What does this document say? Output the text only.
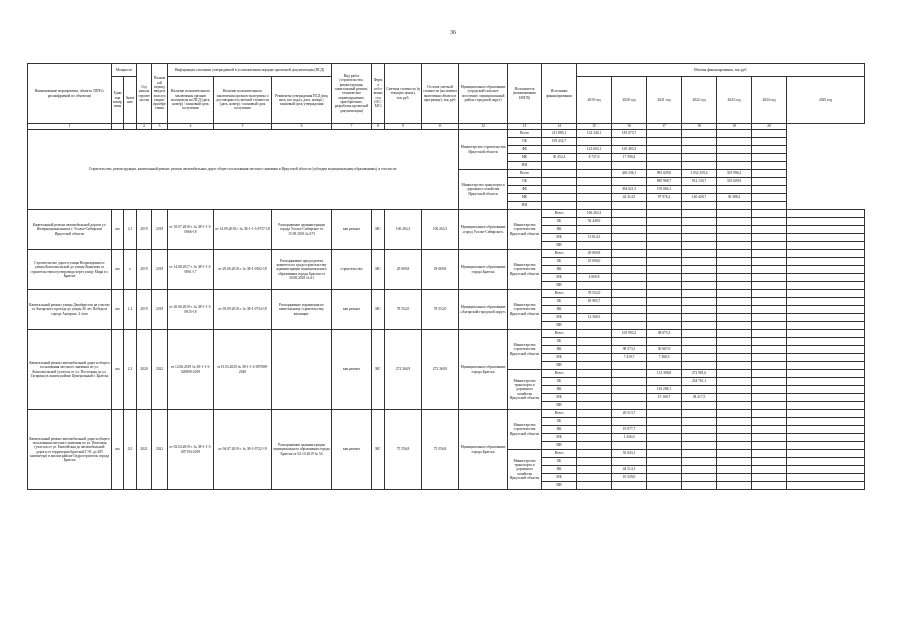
36
Наименование мероприятия, объекта, ППР (с расшифровкой по объектам)	Мощность		Год начала строительства	Плановый период ввода в эксплуатацию/приобретения	Информация о наличии утвержденной в установленном порядке проектной документации (ПСД)			Вид работ (строительство, реконструкция, капитальный ремонт, техническое перевооружение, приобретение, разработка проектной документации)	Форма собственности (ОС/МС)	Сметная стоимость (в текущих ценах), тыс.руб.	Остаток сметной стоимости (на момент включения объекта в программу), тыс.руб.	Муниципальное образование (городской/сельское поселение, муниципальный район, городской округ)	Исполнитель (наименование ИОГВ)	Источники финансирования	Объемы финансирования, тыс.руб.						
	Единица измерения	Значение			Наличие положительного заключения органов экспертизы на ПСД (дата, номер) / плановый срок получения	Наличие положительного заключения органов экспертизы о достоверности сметной стоимости (дата, номер) / плановый срок получения	Реквизиты утверждения ПСД (вид акта, кто издал, дата, номер) / плановый срок утверждения								2019 год	2020 год	2021 год	2022 год	2023 год	2024 год	2025 год
1			2	3	4	5	6	7	8	9	11	12	13	14	15	16	17	18	19	20	
Строительство, реконструкция, капитальный ремонт, ремонт автомобильных дорог общего пользования местного значения в Иркутской области (субсидии муниципальным образованиям), в том числе:												Министерство строительства Иркутской области	Всего	213 885,1	132 340,1	183 073,7					
													ОБ	183 432,7							
													ФБ		123 603,1	165 483,3					
													МБ	30 452,4	8 737,0	17 590,4					
													НИ								
												Министерство транспорта и дорожного хозяйства Иркутской области	Всего			436 336,1	981 029,0	1 052 359,4	355 996,2		
													ОБ				885 968,7	912 130,7	335 609,9		
													ФБ			394 021,5	195 084,1				
													МБ			42 314,5	97 976,2	140 428,7	30 388,2		
													НИ								
Капитальный ремонт автомобильной дороги ул. Интернациональная в г. Усолье-Сибирское Иркутской области	км	3,1	2019	2019	от 18.07.2018 г. № 38-1-1-3-0066-18	от 14.09.2018 г. № 38-1-1-3-0737-18	Распоряжение администрации города Усолье-Сибирское от 15.09.2018 № 673	кап.ремонт	МС	106 263,3	106 263,3	Муниципальное образование «город Усолье-Сибирское»	Министерство строительства Иркутской области	Всего	106 263,3						
														ОБ	92 449,0						
														ФБ							
														МБ	13 814,3						
														НИ							
Строительство дороги улицы Возрождения от улицы Комсомольской до улицы Коничева со строительством путепровода через улицу Мира в г. Братске	км	х	2019	2019	от 14.08.2017 г. № 38-1-1-2-0061-17	от 29.06.2018 г. № 38-1-0502-18	Распоряжение председателя комитета по градостроительству администрации муниципального образования города Братска от 30.08.2018 № 61	строительство	МС	29 069,8	29 069,8	Муниципальное образование города Братска	Министерство строительства Иркутской области	Всего	29 069,8						
														ОБ	25 000,0						
														ФБ							
														МБ	4 069,8						
														НИ							
Капитальный ремонт улицы Декабристов на участке от Ангарского проезда до улицы 40 лет Победы в городе Ангарске, 2 этап	км	1,2	2019	2019	от 20.06.2019 г. № 38-1-1-3-0015-18	от 05.09.2018 г. № 38-1-0734-18	Распоряжение управления по капитальному строительству, жилищно-	кап.ремонт	МС	78 552,0	78 552,0	Муниципальное образование «Ангарский городской округ»	Министерство строительства Иркутской области	Всего	78 552,0						
														ОБ	65 983,7						
														ФБ							
														МБ	12 568,3						
														НИ							
Капитальный ремонт автомобильной дороги общего пользования местного значения по ул. Комсомольской (участок от ул. Посточная до ул. Гагарина) в жилом районе Центральный г. Братска	км	2,3	2020	2022	от 12.06.2019 № 38-1-1-3-020899-2019	от13.03.2020 № 38-1-1-2-007088-2020		кап.ремонт	МС	272 360,9	272 360,9	Муниципальное образование города Братска	Министерство строительства Иркутской области	Всего		105 993,2	38 075,3				
														ОБ							
														ФБ		98 573,5	30 667,0				
														МБ		7 419,7	7 368,3				
														НИ							
													Министерство транспорта и дорожного хозяйства Иркутской области	Всего			131 308,8	272 981,6			
														ОБ				234 761,1			
														ФБ			116 208,1				
														МБ			15 100,7	38 217,5			
														НИ							
Капитальный ремонт автомобильной дороги общего пользования местного значения по ул. Пихтовая (участок от ул. Енисейская до автомобильной дороги от территории Братской ГЭС до 205 километра) в жилом районе Гидростроитель города Братска	км	0,5	2021	2021	от 02.04.2019 г. № 38-1-1-3-007194-2019	от 04.07.2019 г. № 38-1-0722-19	Распоряжение администрации муниципального образования города Братска от 02.10.2019 № 54	кап.ремонт	МС	75 556,8	75 556,8	Муниципальное образование города Братска	Министерство строительства Иркутской области	Всего		20 513,7					
														ОБ							
														ФБ		19 077,7					
														МБ		1 436,0					
														НИ							
													Министерство транспорта и дорожного хозяйства Иркутской области	Всего		55 043,1					
														ОБ							
														ФБ		44 514,1					
														МБ		10 529,0					
														НИ							
